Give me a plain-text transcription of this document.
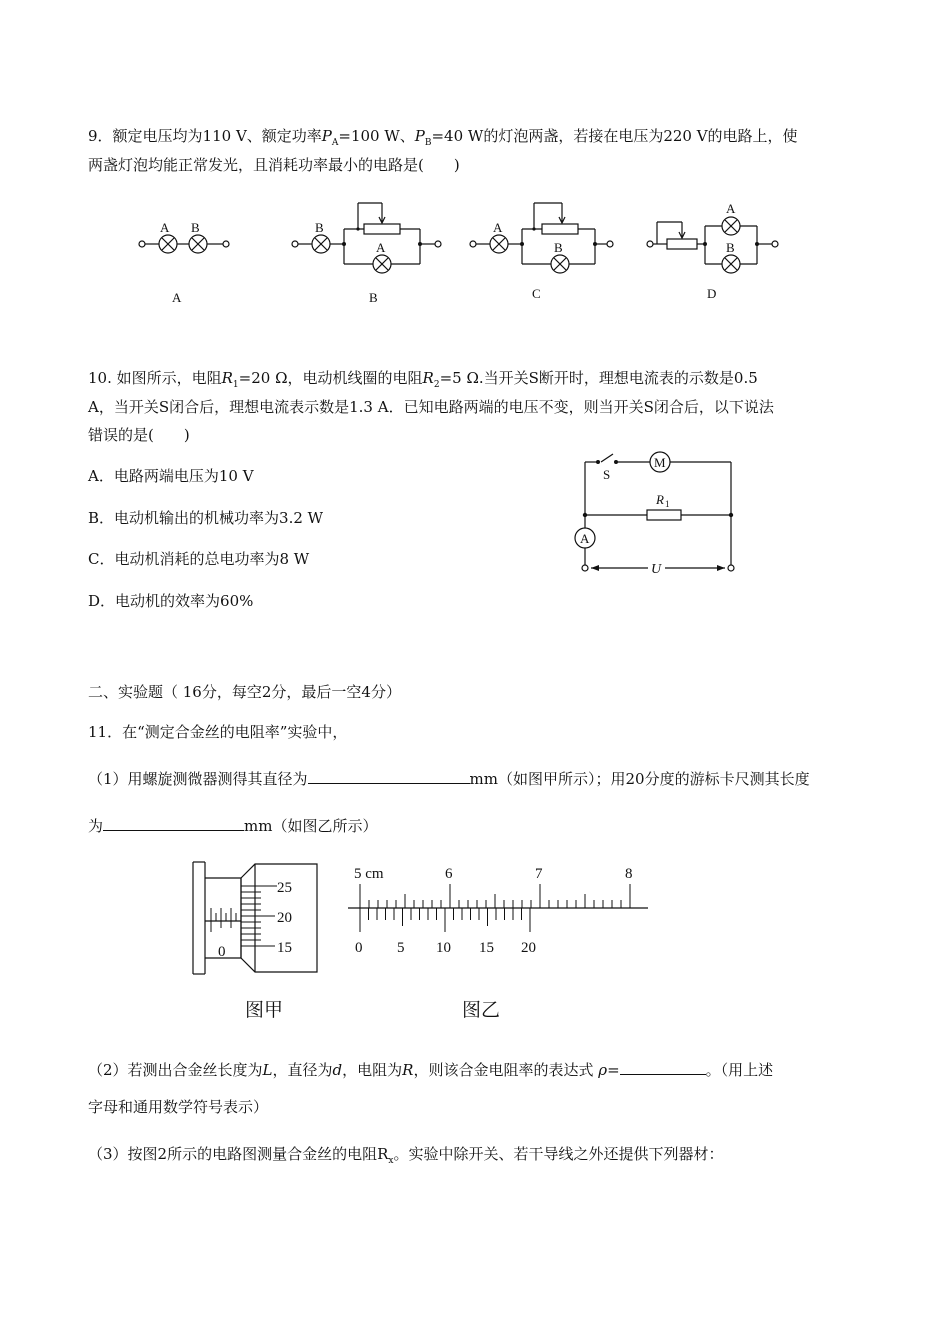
9．额定电压均为110 V、额定功率$P_A=100$ W、$P_B=40$ W的灯泡两盏，若接在电压为220 V的电路上，使
两盏灯泡均能正常发光，且消耗功率最小的电路是(　　)
A B	B
A
A
B
A
B
A	B	C	D
10. 如图所示，电阻$R_1=20$ Ω，电动机线圈的电阻$R_2=5$ Ω.当开关S断开时，理想电流表的示数是0.5
A，当开关S闭合后，理想电流表示数是1.3 A．已知电路两端的电压不变，则当开关S闭合后，以下说法
错误的是(　　)
A．电路两端电压为10 V
B．电动机输出的机械功率为3.2 W
C．电动机消耗的总电功率为8 W
D．电动机的效率为60%
S
M
R 1
A
U
二、实验题（ 16分，每空2分，最后一空4分）
11．在“测定合金丝的电阻率”实验中，
（1）用螺旋测微器测得其直径为	mm（如图甲所示）；用20分度的游标卡尺测其长度
为	mm（如图乙所示）
25
20
15
0
图甲
5 cm	6	7	8
0 5 10 15 20
图乙
（2）若测出合金丝长度为L，直径为d，电阻为R，则该合金电阻率的表达式 ρ=	。（用上述
字母和通用数学符号表示）
（3）按图2所示的电路图测量合金丝的电阻$R_x$。实验中除开关、若干导线之外还提供下列器材：
